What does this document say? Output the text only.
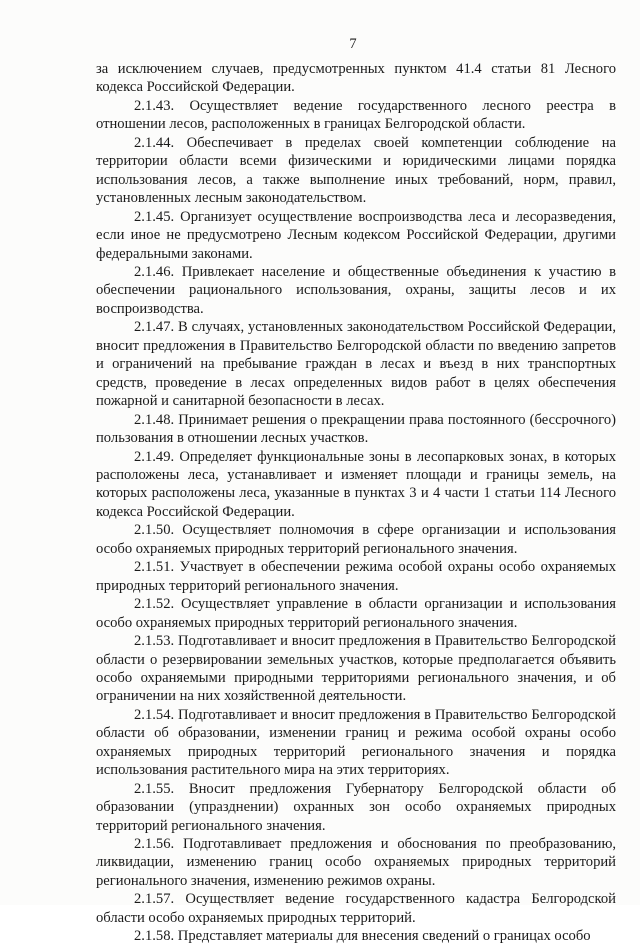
7

за исключением случаев, предусмотренных пунктом 41.4 статьи 81 Лесного кодекса Российской Федерации.

2.1.43. Осуществляет ведение государственного лесного реестра в отношении лесов, расположенных в границах Белгородской области.

2.1.44. Обеспечивает в пределах своей компетенции соблюдение на территории области всеми физическими и юридическими лицами порядка использования лесов, а также выполнение иных требований, норм, правил, установленных лесным законодательством.

2.1.45. Организует осуществление воспроизводства леса и лесоразведения, если иное не предусмотрено Лесным кодексом Российской Федерации, другими федеральными законами.

2.1.46. Привлекает население и общественные объединения к участию в обеспечении рационального использования, охраны, защиты лесов и их воспроизводства.

2.1.47. В случаях, установленных законодательством Российской Федерации, вносит предложения в Правительство Белгородской области по введению запретов и ограничений на пребывание граждан в лесах и въезд в них транспортных средств, проведение в лесах определенных видов работ в целях обеспечения пожарной и санитарной безопасности в лесах.

2.1.48. Принимает решения о прекращении права постоянного (бессрочного) пользования в отношении лесных участков.

2.1.49. Определяет функциональные зоны в лесопарковых зонах, в которых расположены леса, устанавливает и изменяет площади и границы земель, на которых расположены леса, указанные в пунктах 3 и 4 части 1 статьи 114 Лесного кодекса Российской Федерации.

2.1.50. Осуществляет полномочия в сфере организации и использования особо охраняемых природных территорий регионального значения.

2.1.51. Участвует в обеспечении режима особой охраны особо охраняемых природных территорий регионального значения.

2.1.52. Осуществляет управление в области организации и использования особо охраняемых природных территорий регионального значения.

2.1.53. Подготавливает и вносит предложения в Правительство Белгородской области о резервировании земельных участков, которые предполагается объявить особо охраняемыми природными территориями регионального значения, и об ограничении на них хозяйственной деятельности.

2.1.54. Подготавливает и вносит предложения в Правительство Белгородской области об образовании, изменении границ и режима особой охраны особо охраняемых природных территорий регионального значения и порядка использования растительного мира на этих территориях.

2.1.55. Вносит предложения Губернатору Белгородской области об образовании (упразднении) охранных зон особо охраняемых природных территорий регионального значения.

2.1.56. Подготавливает предложения и обоснования по преобразованию, ликвидации, изменению границ особо охраняемых природных территорий регионального значения, изменению режимов охраны.

2.1.57. Осуществляет ведение государственного кадастра Белгородской области особо охраняемых природных территорий.

2.1.58. Представляет материалы для внесения сведений о границах особо
